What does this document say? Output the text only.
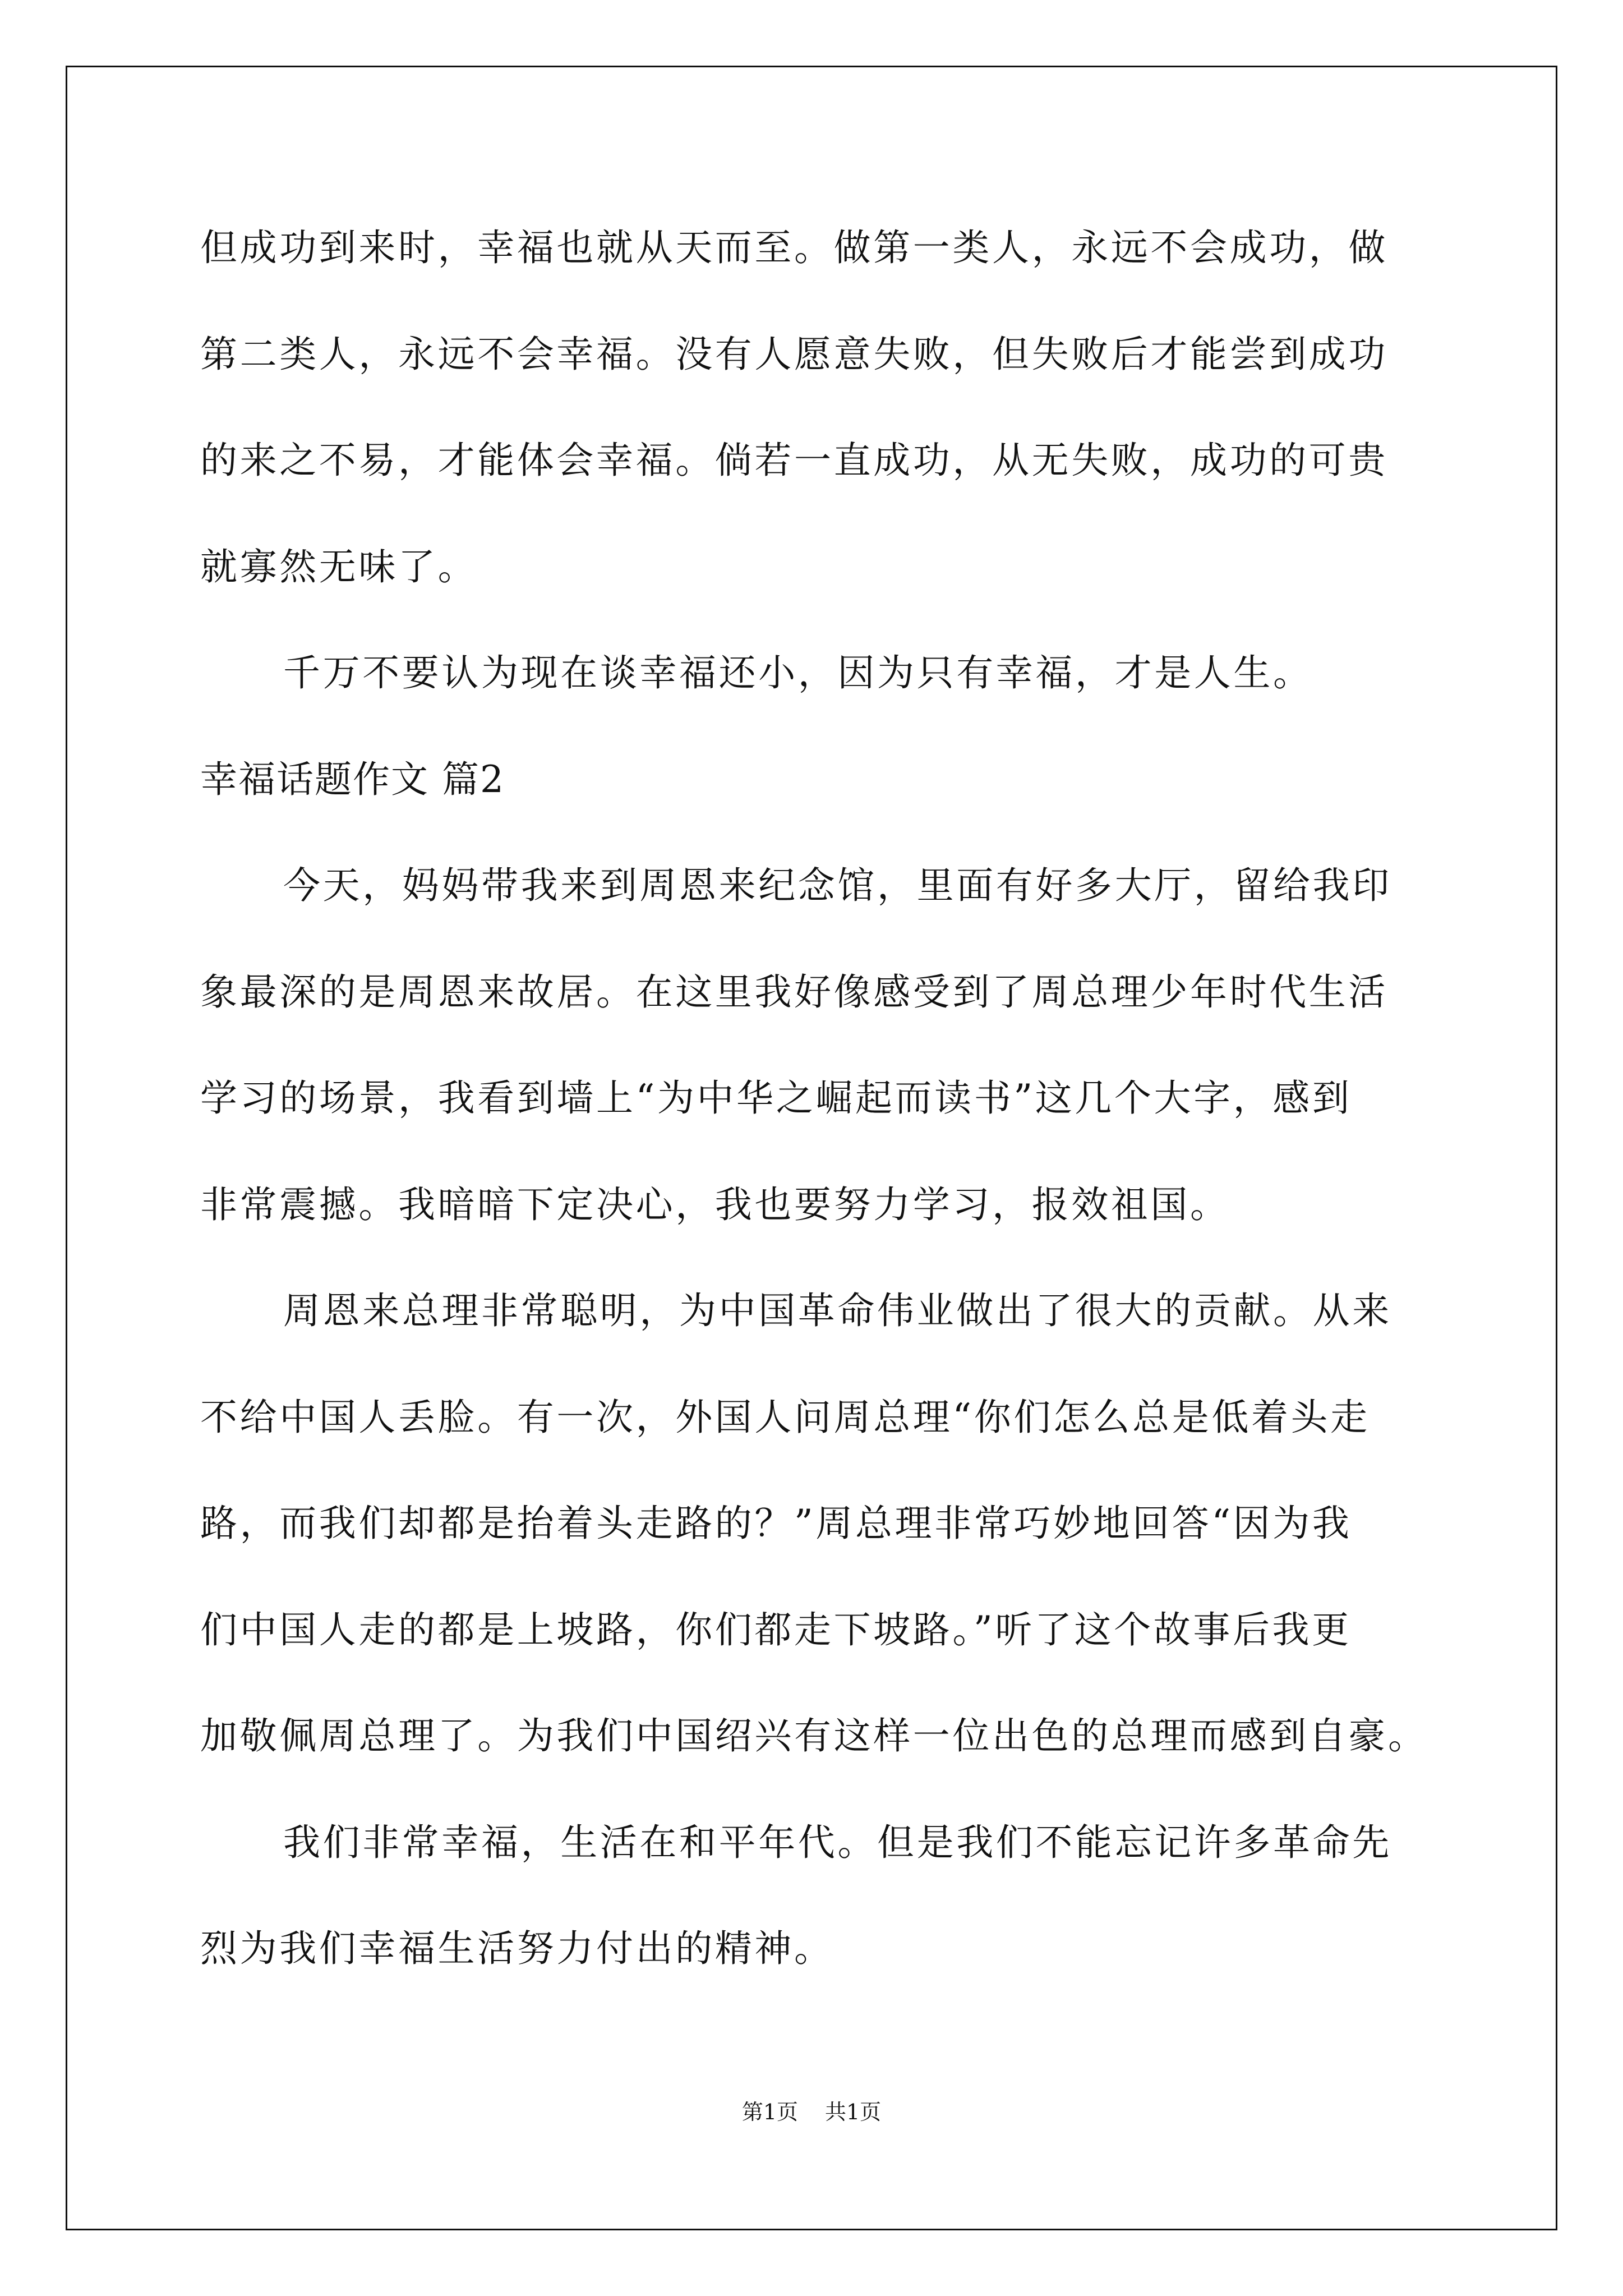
但成功到来时，幸福也就从天而至。做第一类人，永远不会成功，做

第二类人，永远不会幸福。没有人愿意失败，但失败后才能尝到成功

的来之不易，才能体会幸福。倘若一直成功，从无失败，成功的可贵

就寡然无味了。

千万不要认为现在谈幸福还小，因为只有幸福，才是人生。

幸福话题作文 篇2

今天，妈妈带我来到周恩来纪念馆，里面有好多大厅，留给我印

象最深的是周恩来故居。在这里我好像感受到了周总理少年时代生活

学习的场景，我看到墙上“为中华之崛起而读书”这几个大字，感到

非常震撼。我暗暗下定决心，我也要努力学习，报效祖国。

周恩来总理非常聪明，为中国革命伟业做出了很大的贡献。从来

不给中国人丢脸。有一次，外国人问周总理“你们怎么总是低着头走

路，而我们却都是抬着头走路的？”周总理非常巧妙地回答“因为我

们中国人走的都是上坡路，你们都走下坡路。”听了这个故事后我更

加敬佩周总理了。为我们中国绍兴有这样一位出色的总理而感到自豪。

我们非常幸福，生活在和平年代。但是我们不能忘记许多革命先

烈为我们幸福生活努力付出的精神。

第1页 共1页
